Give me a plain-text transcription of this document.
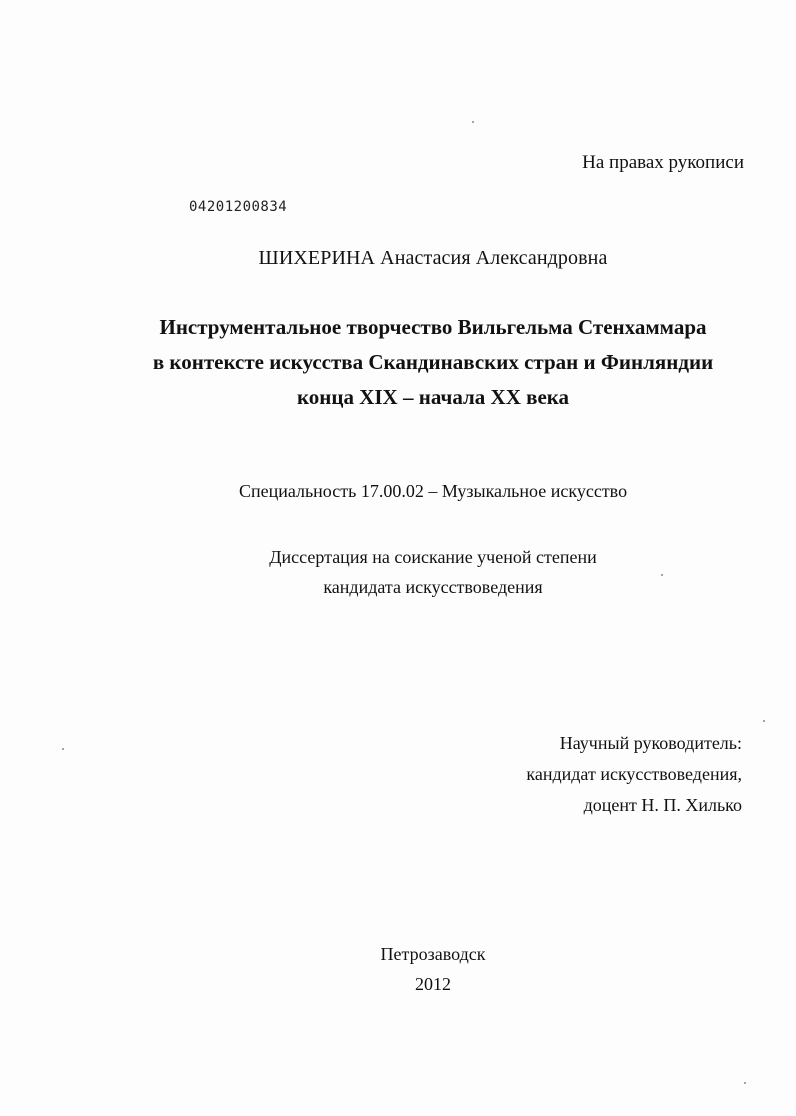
На правах рукописи
04201200834
ШИХЕРИНА Анастасия Александровна
Инструментальное творчество Вильгельма Стенхаммара
в контексте искусства Скандинавских стран и Финляндии
конца XIX – начала XX века
Специальность 17.00.02 – Музыкальное искусство
Диссертация на соискание ученой степени
кандидата искусствоведения
Научный руководитель:
кандидат искусствоведения,
доцент Н. П. Хилько
Петрозаводск
2012
